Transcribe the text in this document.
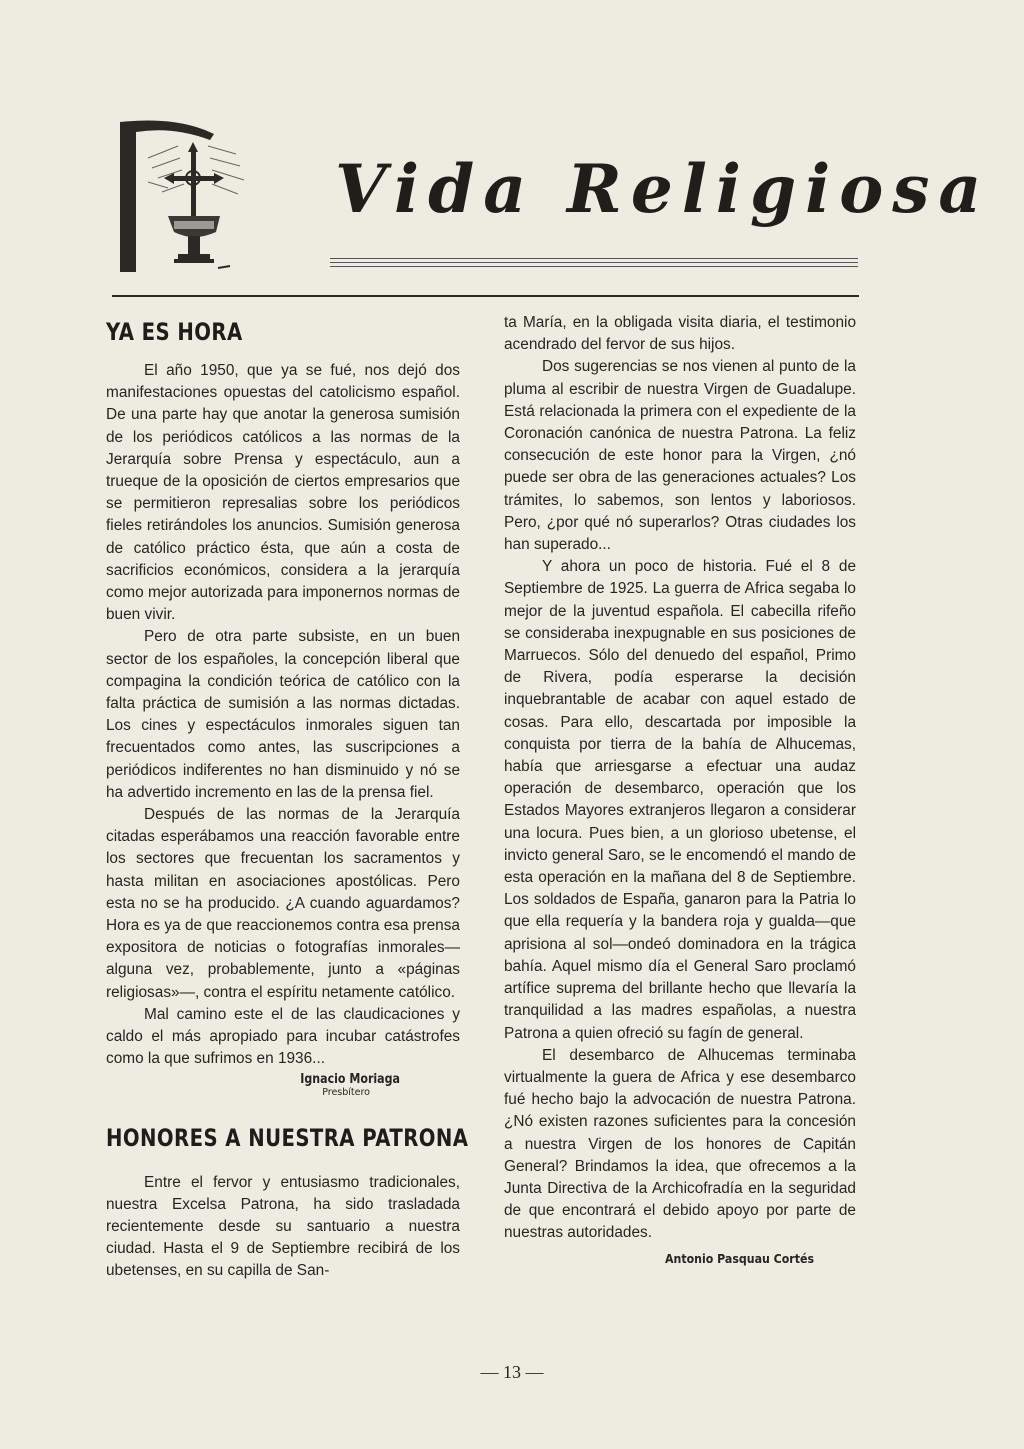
Vida Religiosa
YA ES HORA

El año 1950, que ya se fué, nos dejó dos manifestaciones opuestas del catolicismo español. De una parte hay que anotar la generosa sumisión de los periódicos católicos a las normas de la Jerarquía sobre Prensa y espectáculo, aun a trueque de la oposición de ciertos empresarios que se permitieron represalias sobre los periódicos fieles retirándoles los anuncios. Sumisión generosa de católico práctico ésta, que aún a costa de sacrificios económicos, considera a la jerarquía como mejor autorizada para imponernos normas de buen vivir.

Pero de otra parte subsiste, en un buen sector de los españoles, la concepción liberal que compagina la condición teórica de católico con la falta práctica de sumisión a las normas dictadas. Los cines y espectáculos inmorales siguen tan frecuentados como antes, las suscripciones a periódicos indiferentes no han disminuido y nó se ha advertido incremento en las de la prensa fiel.

Después de las normas de la Jerarquía citadas esperábamos una reacción favorable entre los sectores que frecuentan los sacramentos y hasta militan en asociaciones apostólicas. Pero esta no se ha producido. ¿A cuando aguardamos? Hora es ya de que reaccionemos contra esa prensa expositora de noticias o fotografías inmorales—alguna vez, probablemente, junto a «páginas religiosas»—, contra el espíritu netamente católico.

Mal camino este el de las claudicaciones y caldo el más apropiado para incubar catástrofes como la que sufrimos en 1936...

Ignacio Moriaga
Presbítero
HONORES A NUESTRA PATRONA

Entre el fervor y entusiasmo tradicionales, nuestra Excelsa Patrona, ha sido trasladada recientemente desde su santuario a nuestra ciudad. Hasta el 9 de Septiembre recibirá de los ubetenses, en su capilla de San-

ta María, en la obligada visita diaria, el testimonio acendrado del fervor de sus hijos.

Dos sugerencias se nos vienen al punto de la pluma al escribir de nuestra Virgen de Guadalupe. Está relacionada la primera con el expediente de la Coronación canónica de nuestra Patrona. La feliz consecución de este honor para la Virgen, ¿nó puede ser obra de las generaciones actuales? Los trámites, lo sabemos, son lentos y laboriosos. Pero, ¿por qué nó superarlos? Otras ciudades los han superado...

Y ahora un poco de historia. Fué el 8 de Septiembre de 1925. La guerra de Africa segaba lo mejor de la juventud española. El cabecilla rifeño se consideraba inexpugnable en sus posiciones de Marruecos. Sólo del denuedo del español, Primo de Rivera, podía esperarse la decisión inquebrantable de acabar con aquel estado de cosas. Para ello, descartada por imposible la conquista por tierra de la bahía de Alhucemas, había que arriesgarse a efectuar una audaz operación de desembarco, operación que los Estados Mayores extranjeros llegaron a considerar una locura. Pues bien, a un glorioso ubetense, el invicto general Saro, se le encomendó el mando de esta operación en la mañana del 8 de Septiembre. Los soldados de España, ganaron para la Patria lo que ella requería y la bandera roja y gualda—que aprisiona al sol—ondeó dominadora en la trágica bahía. Aquel mismo día el General Saro proclamó artífice suprema del brillante hecho que llevaría la tranquilidad a las madres españolas, a nuestra Patrona a quien ofreció su fagín de general.

El desembarco de Alhucemas terminaba virtualmente la guera de Africa y ese desembarco fué hecho bajo la advocación de nuestra Patrona. ¿Nó existen razones suficientes para la concesión a nuestra Virgen de los honores de Capitán General? Brindamos la idea, que ofrecemos a la Junta Directiva de la Archicofradía en la seguridad de que encontrará el debido apoyo por parte de nuestras autoridades.

Antonio Pasquau Cortés
— 13 —
